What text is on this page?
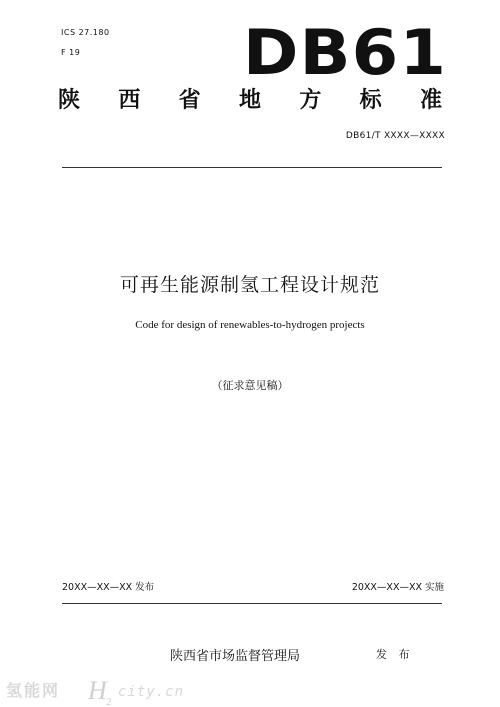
ICS 27.180
F 19	DB61
陕 西 省 地 方 标 准
DB61/T XXXX—XXXX
可再生能源制氢工程设计规范
Code for design of renewables-to-hydrogen projects
（征求意见稿）
20XX—XX—XX 发布	20XX—XX—XX 实施
陕西省市场监督管理局	发 布
氢能网 H 2
city.cn
